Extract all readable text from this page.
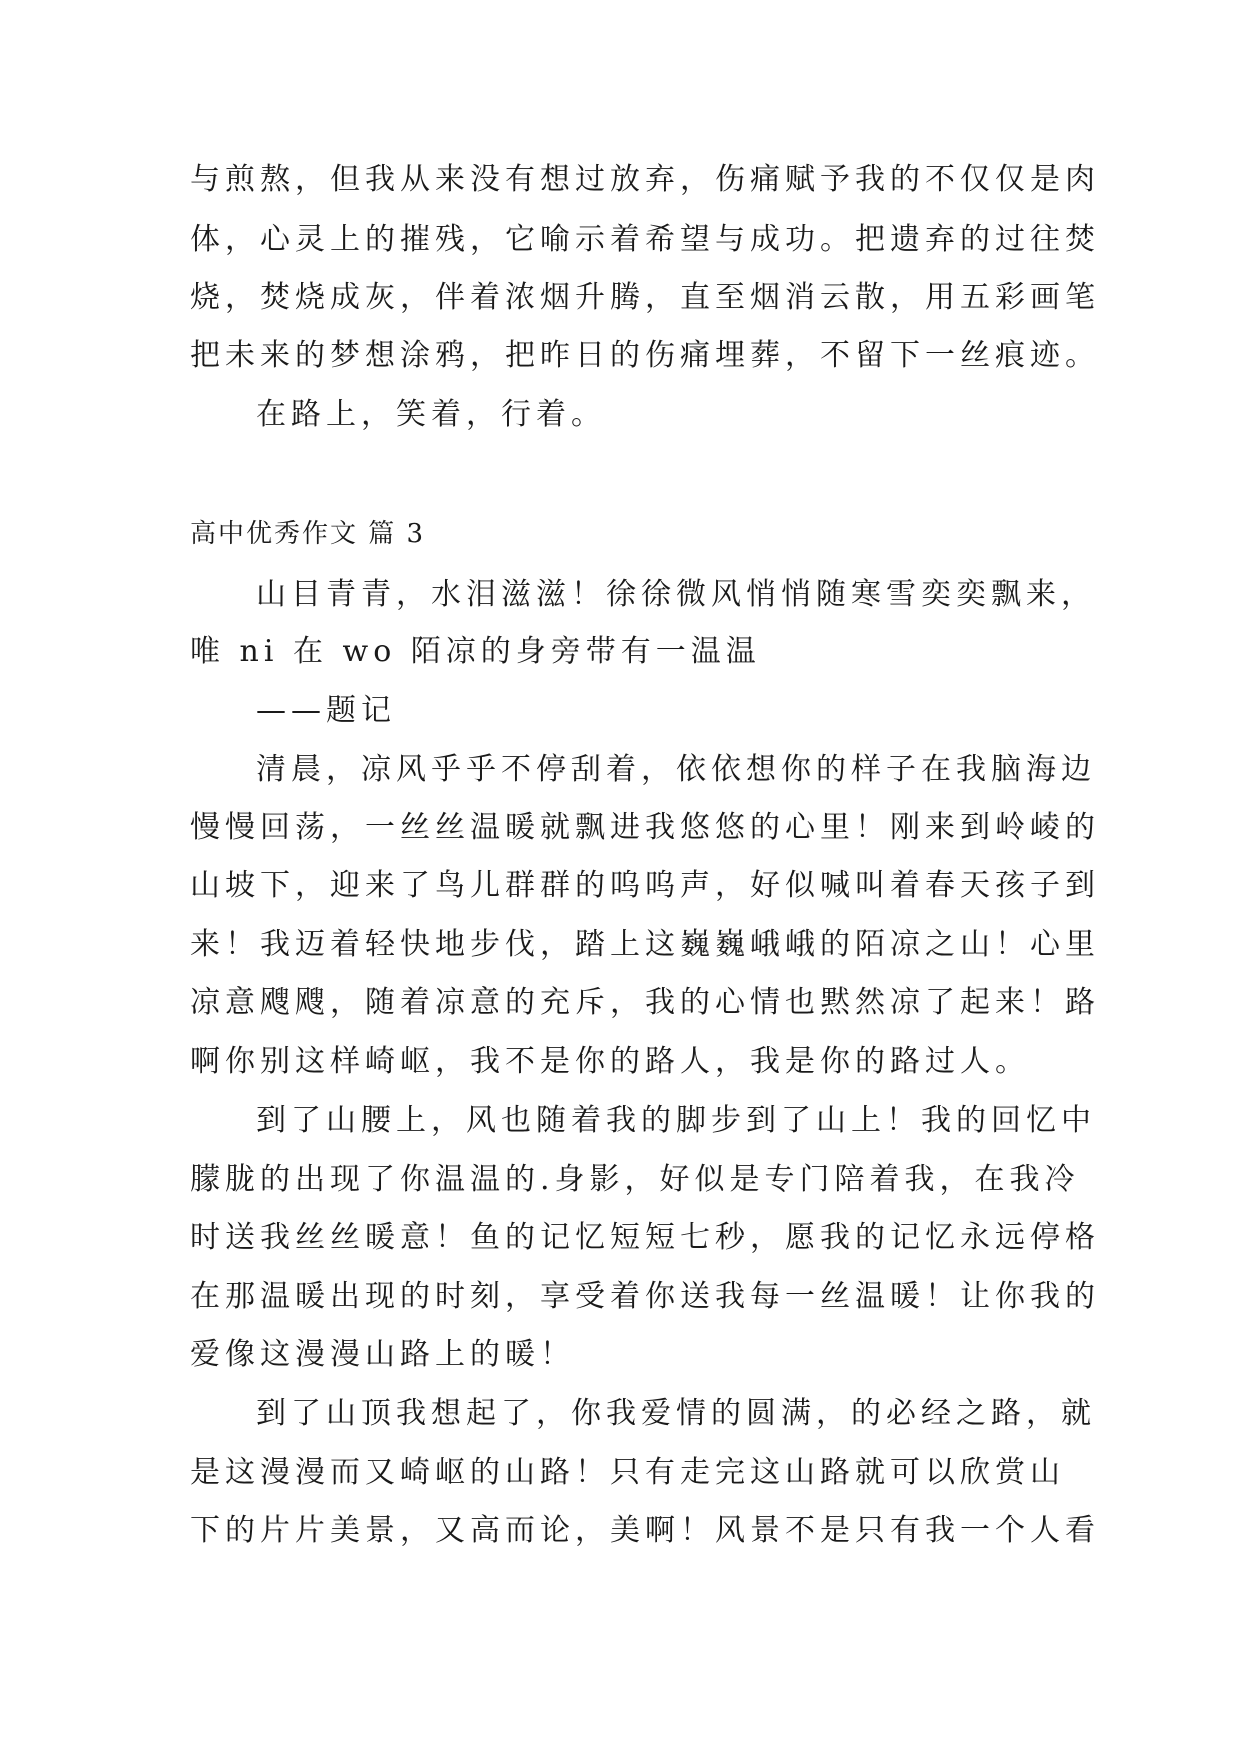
与煎熬，但我从来没有想过放弃，伤痛赋予我的不仅仅是肉
体，心灵上的摧残，它喻示着希望与成功。把遗弃的过往焚
烧，焚烧成灰，伴着浓烟升腾，直至烟消云散，用五彩画笔
把未来的梦想涂鸦，把昨日的伤痛埋葬，不留下一丝痕迹。
在路上，笑着，行着。
高中优秀作文 篇 3
山目青青，水泪滋滋！徐徐微风悄悄随寒雪奕奕飘来，
唯 ni 在 wo 陌凉的身旁带有一温温
——题记
清晨，凉风乎乎不停刮着，依依想你的样子在我脑海边
慢慢回荡，一丝丝温暖就飘进我悠悠的心里！刚来到岭崚的
山坡下，迎来了鸟儿群群的呜呜声，好似喊叫着春天孩子到
来！我迈着轻快地步伐，踏上这巍巍峨峨的陌凉之山！心里
凉意飕飕，随着凉意的充斥，我的心情也黙然凉了起来！路
啊你别这样崎岖，我不是你的路人，我是你的路过人。
到了山腰上，风也随着我的脚步到了山上！我的回忆中
朦胧的出现了你温温的.身影，好似是专门陪着我，在我冷
时送我丝丝暖意！鱼的记忆短短七秒，愿我的记忆永远停格
在那温暖出现的时刻，享受着你送我每一丝温暖！让你我的
爱像这漫漫山路上的暖！
到了山顶我想起了，你我爱情的圆满，的必经之路，就
是这漫漫而又崎岖的山路！只有走完这山路就可以欣赏山
下的片片美景，又高而论，美啊！风景不是只有我一个人看
